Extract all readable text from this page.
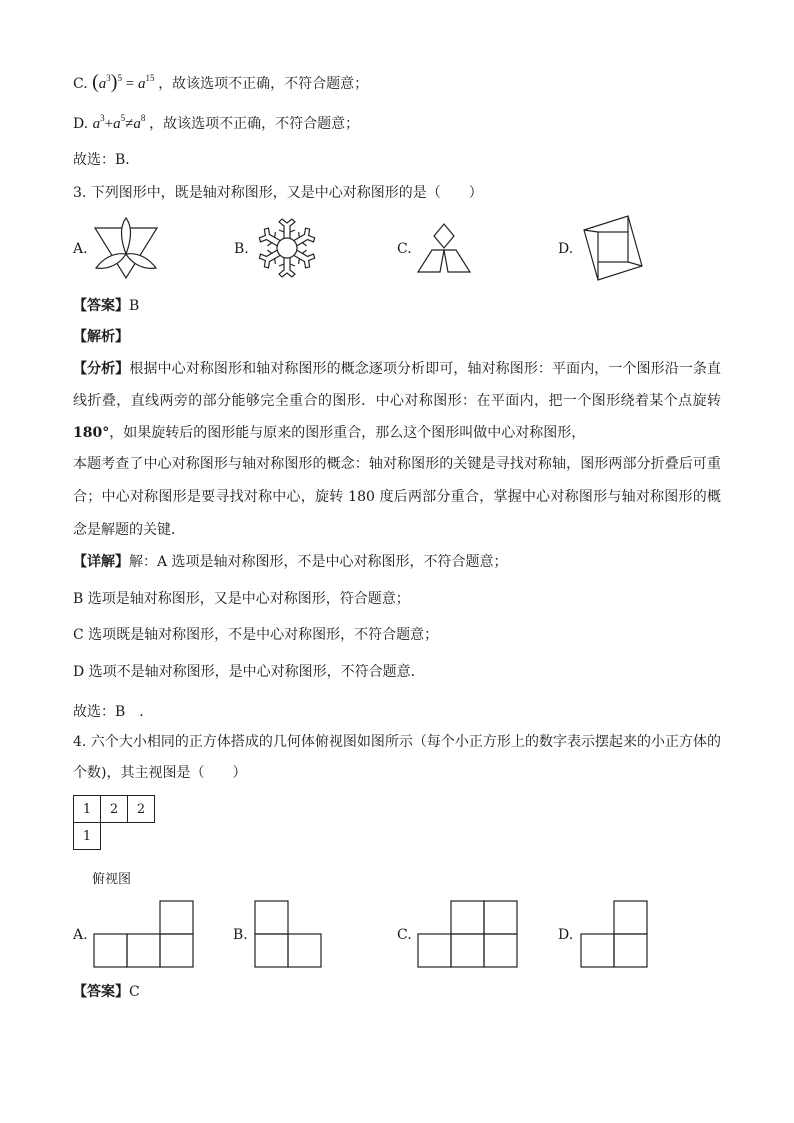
C. $(a^3)^5 = a^{15}$ ，故该选项不正确，不符合题意；
D. $a^3+a^5\ne a^8$ ，故该选项不正确，不符合题意；
故选：B．
3. 下列图形中，既是轴对称图形，又是中心对称图形的是（　　）
A.	B.	C.	D.
【答案】B
【解析】
【分析】根据中心对称图形和轴对称图形的概念逐项分析即可，轴对称图形：平面内，一个图形沿一条直线折叠，直线两旁的部分能够完全重合的图形．中心对称图形：在平面内，把一个图形绕着某个点旋转 180°，如果旋转后的图形能与原来的图形重合，那么这个图形叫做中心对称图形，
本题考查了中心对称图形与轴对称图形的概念：轴对称图形的关键是寻找对称轴，图形两部分折叠后可重合；中心对称图形是要寻找对称中心，旋转 180 度后两部分重合，掌握中心对称图形与轴对称图形的概念是解题的关键．
【详解】解：A 选项是轴对称图形，不是中心对称图形，不符合题意；
B 选项是轴对称图形，又是中心对称图形，符合题意；
C 选项既是轴对称图形，不是中心对称图形，不符合题意；
D 选项不是轴对称图形，是中心对称图形，不符合题意．
故选：B　．
4. 六个大小相同的正方体搭成的几何体俯视图如图所示（每个小正方形上的数字表示摆起来的小正方体的个数)，其主视图是（　　）
1	2	2
1
俯视图
A.	B.	C.	D.
【答案】C
